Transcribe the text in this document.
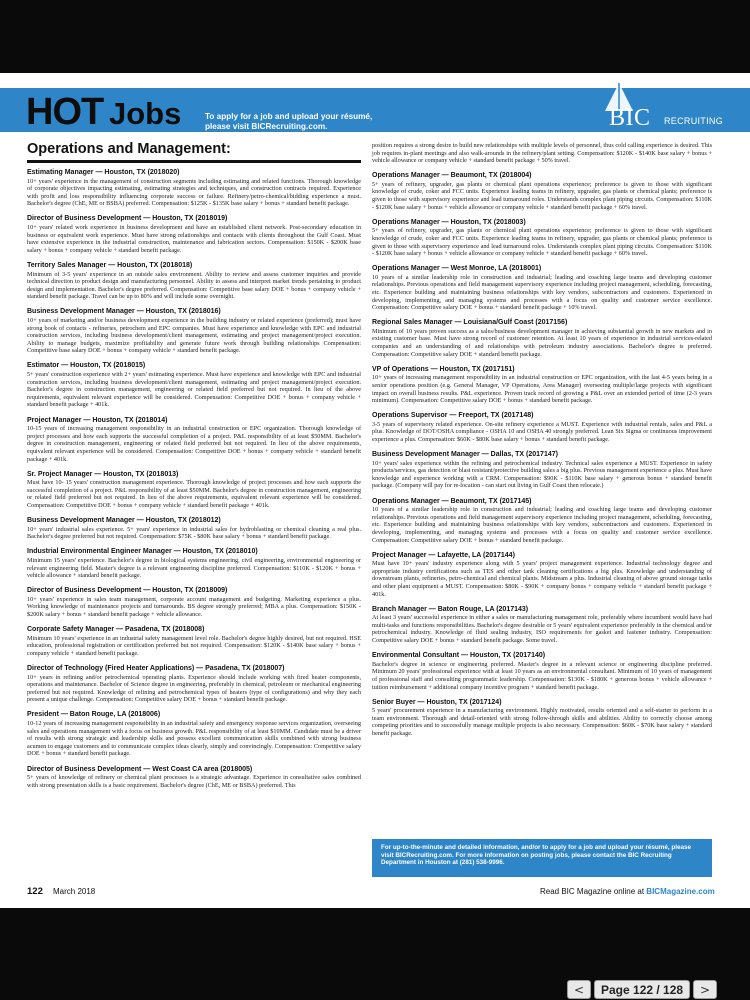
HOT Jobs	To apply for a job and upload your résumé,
please visit BICRecruiting.com.	BIC RECRUITING
Operations and Management:
Estimating Manager — Houston, TX (2018020)
10+ years' experience in the management of construction segments including estimating and related functions. Thorough knowledge of corporate objectives impacting estimating, estimating strategies and techniques, and construction contracts required. Experience with profit and loss responsibility influencing corporate success or failure. Refinery/petro-chemical/bidding experience a must. Bachelor's degree (ChE, ME or BSBA) preferred. Compensation: $125K - $135K base salary + bonus + standard benefit package.
Director of Business Development — Houston, TX (2018019)
10+ years' related work experience in business development and have an established client network. Post-secondary education in business or equivalent work experience. Must have strong relationships and contacts with clients throughout the Gulf Coast. Must have extensive experience in the industrial construction, maintenance and fabrication sectors. Compensation: $150K - $200K base salary + bonus + company vehicle + standard benefit package.
Territory Sales Manager — Houston, TX (2018018)
Minimum of 3-5 years' experience in an outside sales environment. Ability to review and assess customer inquiries and provide technical direction to product design and manufacturing personnel. Ability to assess and interpret market trends pertaining to product design and implementation. Bachelor's degree preferred. Compensation: Competitive base salary DOE + bonus + company vehicle + standard benefit package. Travel can be up to 80% and will include some overnight.
Business Development Manager — Houston, TX (2018016)
10+ years of marketing and/or business development experience in the building industry or related experience (preferred); must have strong book of contacts - refineries, petrochem and EPC companies. Must have experience and knowledge with EPC and industrial construction services, including business development/client management, estimating and project management/project execution. Ability to manage budgets, maximize profitability and generate future work through building relationships Compensation: Competitive base salary DOE + bonus + company vehicle + standard benefit package.
Estimator — Houston, TX (2018015)
5+ years' construction experience with 2+ years' estimating experience. Must have experience and knowledge with EPC and industrial construction services, including business development/client management, estimating and project management/project execution. Bachelor's degree in construction management, engineering or related field preferred but not required. In lieu of the above requirements, equivalent relevant experience will be considered. Compensation: Competitive DOE + bonus + company vehicle + standard benefit package + 401k.
Project Manager — Houston, TX (2018014)
10-15 years of increasing management responsibility in an industrial construction or EPC organization. Thorough knowledge of project processes and how each supports the successful completion of a project. P&L responsibility of at least $50MM. Bachelor's degree in construction management, engineering or related field preferred but not required. In lieu of the above requirements, equivalent relevant experience will be considered. Compensation: Competitive DOE + bonus + company vehicle + standard benefit package + 401k.
Sr. Project Manager — Houston, TX (2018013)
Must have 10- 15 years' construction management experience. Thorough knowledge of project processes and how each supports the successful completion of a project. P&L responsibility of at least $50MM. Bachelor's degree in construction management, engineering or related field preferred but not required. In lieu of the above requirements, equivalent relevant experience will be considered. Compensation: Competitive DOE + bonus + company vehicle + standard benefit package + 401k.
Business Development Manager — Houston, TX (2018012)
10+ years' industrial sales experience. 5+ years' experience in industrial sales for hydroblasting or chemical cleaning a real plus. Bachelor's degree preferred but not required. Compensation: $75K - $80K base salary + bonus + standard benefit package.
Industrial Environmental Engineer Manager — Houston, TX (2018010)
Minimum 15 years' experience. Bachelor's degree in biological systems engineering, civil engineering, environmental engineering or relevant engineering field. Master's degree is a relevant engineering discipline preferred. Compensation: $110K - $120K + bonus + vehicle allowance + standard benefit package.
Director of Business Development — Houston, TX (2018009)
10+ years' experience in sales team management, corporate account management and budgeting. Marketing experience a plus. Working knowledge of maintenance projects and turnarounds. BS degree strongly preferred; MBA a plus. Compensation: $150K - $200K salary + bonus + standard benefit package + vehicle allowance.
Corporate Safety Manager — Pasadena, TX (2018008)
Minimum 10 years' experience in an industrial safety management level role. Bachelor's degree highly desired, but not required. HSE education, professional registration or certification preferred but not required. Compensation: $120K - $140K base salary + bonus + company vehicle + standard benefit package.
Director of Technology (Fired Heater Applications) — Pasadena, TX (2018007)
10+ years in refining and/or petrochemical operating plants. Experience should include working with fired heater components, operations and maintenance. Bachelor of Science degree in engineering, preferably in chemical, petroleum or mechanical engineering preferred but not required. Knowledge of refining and petrochemical types of heaters (type of configurations) and why they each present a unique challenge. Compensation: Competitive salary DOE + bonus + standard benefit package.
President — Baton Rouge, LA (2018006)
10-12 years of increasing management responsibility in an industrial safety and emergency response services organization, overseeing sales and operations management with a focus on business growth. P&L responsibility of at least $10MM. Candidate must be a driver of results with strong strategic and leadership skills and possess excellent communication skills combined with strong business acumen to engage customers and to communicate complex ideas clearly, simply and convincingly. Compensation: Competitive salary DOE + bonus + standard benefit package.
Director of Business Development — West Coast CA area (2018005)
5+ years of knowledge of refinery or chemical plant processes is a strategic advantage. Experience in consultative sales combined with strong presentation skills is a basic requirement. Bachelor's degree (ChE, ME or BSBA) preferred. This
position requires a strong desire to build new relationships with multiple levels of personnel, thus cold calling experience is desired. This job requires in-plant meetings and also walk-arounds in the refinery/plant setting. Compensation: $120K - $140K base salary + bonus + vehicle allowance or company vehicle + standard benefit package + 50% travel.
Operations Manager — Beaumont, TX (2018004)
5+ years of refinery, upgrader, gas plants or chemical plant operations experience; preference is given to those with significant knowledge of crude, coker and FCC units. Experience leading teams in refinery, upgrader, gas plants or chemical plants; preference is given to those with supervisory experience and lead turnaround roles. Understands complex plant piping circuits. Compensation: $110K - $120K base salary + bonus + vehicle allowance or company vehicle + standard benefit package + 60% travel.
Operations Manager — Houston, TX (2018003)
5+ years of refinery, upgrader, gas plants or chemical plant operations experience; preference is given to those with significant knowledge of crude, coker and FCC units. Experience leading teams in refinery, upgrader, gas plants or chemical plants; preference is given to those with supervisory experience and lead turnaround roles. Understands complex plant piping circuits. Compensation: $110K - $120K base salary + bonus + vehicle allowance or company vehicle + standard benefit package + 60% travel.
Operations Manager — West Monroe, LA (2018001)
10 years of a similar leadership role in construction and industrial; leading and coaching large teams and developing customer relationships. Previous operations and field management supervisory experience including project management, scheduling, forecasting, etc. Experience building and maintaining business relationships with key vendors, subcontractors and customers. Experienced in developing, implementing, and managing systems and processes with a focus on quality and customer service excellence. Compensation: Competitive salary DOE + bonus + standard benefit package + 10% travel.
Regional Sales Manager — Louisiana/Gulf Coast (2017156)
Minimum of 10 years proven success as a sales/business development manager in achieving substantial growth in new markets and in existing customer base. Must have strong record of customer retention. At least 10 years of experience in industrial services-related companies and an understanding of and relationships with petroleum industry associations. Bachelor's degree is preferred. Compensation: Competitive salary DOE + standard benefit package.
VP of Operations — Houston, TX (2017151)
10+ years of increasing management responsibility in an industrial construction or EPC organization, with the last 4-5 years being in a senior operations position (e.g. General Manager, VP Operations, Area Manager) overseeing multiple/large projects with significant impact on overall business results. P&L experience. Proven track record of growing a P&L over an extended period of time (2-3 years minimum). Compensation: Competitive salary DOE + bonus + standard benefit package.
Operations Supervisor — Freeport, TX (2017148)
3-5 years of supervisory related experience. On-site refinery experience a MUST. Experience with industrial rentals, sales and P&L a plus. Knowledge of DOT/OSHA compliance - OSHA 10 and OSHA 40 strongly preferred. Lean Six Sigma or continuous improvement experience a plus. Compensation: $60K - $80K base salary + bonus + standard benefit package.
Business Development Manager — Dallas, TX (2017147)
10+ years' sales experience within the refining and petrochemical industry. Technical sales experience a MUST. Experience in safety products/services, gas detection or blast resistant/protective building sales a big plus. Previous management experience a plus. Must have knowledge and experience working with a CRM. Compensation: $90K - $110K base salary + generous bonus + standard benefit package. (Company will pay for re-location - can start out living in Gulf Coast then relocate.)
Operations Manager — Beaumont, TX (2017145)
10 years of a similar leadership role in construction and industrial; leading and coaching large teams and developing customer relationships. Previous operations and field management supervisory experience including project management, scheduling, forecasting, etc. Experience building and maintaining business relationships with key vendors, subcontractors and customers. Experienced in developing, implementing, and managing systems and processes with a focus on quality and customer service excellence. Compensation: Competitive salary DOE + bonus + standard benefit package.
Project Manager — Lafayette, LA (2017144)
Must have 10+ years' industry experience along with 5 years' project management experience. Industrial technology degree and appropriate industry certifications such as TES and other tank cleaning certifications a big plus. Knowledge and understanding of downstream plants, refineries, petro-chemical and chemical plants. Midstream a plus. Industrial cleaning of above ground storage tanks and other plant equipment a MUST. Compensation: $80K - $90K + company bonus + company vehicle + standard benefit package + 401k.
Branch Manager — Baton Rouge, LA (2017143)
At least 3 years' successful experience in either a sales or manufacturing management role, preferably where incumbent would have had multi-tasks and functions responsibilities. Bachelor's degree desirable or 5 years' equivalent experience preferably in the chemical and/or petrochemical industry. Knowledge of fluid sealing industry, ISO requirements for gasket and fastener industry. Compensation: Competitive salary DOE + bonus + standard benefit package. Some travel.
Environmental Consultant — Houston, TX (2017140)
Bachelor's degree in science or engineering preferred. Master's degree in a relevant science or engineering discipline preferred. Minimum 20 years' professional experience with at least 10 years as an environmental consultant. Minimum of 10 years of management of professional staff and consulting programmatic leadership. Compensation: $130K - $180K + generous bonus + vehicle allowance + tuition reimbursement + additional company incentive program + standard benefit package.
Senior Buyer — Houston, TX (2017124)
5 years' procurement experience in a manufacturing environment. Highly motivated, results oriented and a self-starter to perform in a team environment. Thorough and detail-oriented with strong follow-through skills and abilities. Ability to correctly choose among competing priorities and to successfully manage multiple projects is also necessary. Compensation: $60K - $70K base salary + standard benefit package.
For up-to-the-minute and detailed information, and/or to apply for a job and upload your résumé, please visit BICRecruiting.com. For more information on posting jobs, please contact the BIC Recruiting Department in Houston at (281) 538-9996.
122 March 2018	Read BIC Magazine online at BICMagazine.com
<	Page 122 / 128	>
